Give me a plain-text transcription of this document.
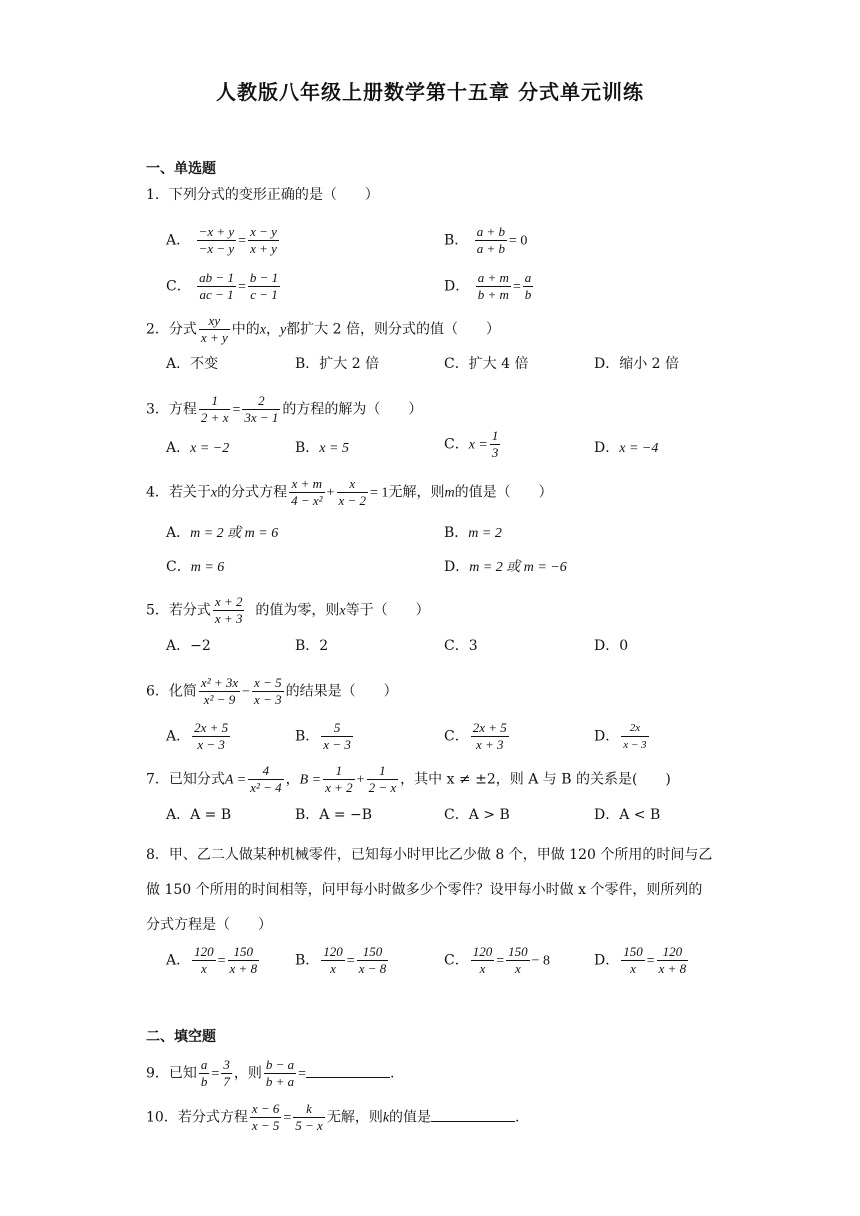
人教版八年级上册数学第十五章 分式单元训练
一、单选题
1．下列分式的变形正确的是（　　）
A． $\frac{-x + y}{-x - y} = \frac{x - y}{x + y}$	B． $\frac{a + b}{a + b} = 0$
C． $\frac{ab - 1}{ac - 1} = \frac{b - 1}{c - 1}$	D． $\frac{a + m}{b + m} = \frac{a}{b}$
2．分式 $\frac{xy}{x + y}$ 中的x，y都扩大 2 倍，则分式的值（　　）
A．不变	B．扩大 2 倍	C．扩大 4 倍	D．缩小 2 倍
3．方程 $\frac{1}{2 + x} = \frac{2}{3x - 1}$ 的方程的解为（　　）
A．x = −2	B．x = 5	C．$x = \frac{1}{3}$	D．x = −4
4．若关于x的分式方程 $\frac{x + m}{\text{4 − x²}} + \frac{x}{x - 2} = 1$无解，则m的值是（　　）
A．m = 2 或 m = 6	B．m = 2
C．m = 6	D．m = 2 或 m = −6
5．若分式 $\frac{x + 2}{x + 3}$ 的值为零，则x等于（　　）
A．−2	B．2	C．3	D．0
6．化简 $\frac{\text{x² + 3x}}{\text{x² − 9}} - \frac{x - 5}{x - 3}$ 的结果是（　　）
A． $\frac{2x + 5}{x - 3}$	B． $\frac{5}{x - 3}$	C． $\frac{2x + 5}{x + 3}$	D． $\frac{2x}{x - 3}$
7．已知分式$A = \frac{4}{\text{x² − 4}}$ ，$B = \frac{1}{x + 2} + \frac{1}{2 - x}$ ，其中 x ≠ ±2，则 A 与 B 的关系是(　　)
A．A = B	B．A = −B	C．A > B	D．A < B
8．甲、乙二人做某种机械零件，已知每小时甲比乙少做 8 个，甲做 120 个所用的时间与乙做 150 个所用的时间相等，问甲每小时做多少个零件？设甲每小时做 x 个零件，则所列的分式方程是（　　）
A． $\frac{120}{x} = \frac{150}{x + 8}$	B． $\frac{120}{x} = \frac{150}{x - 8}$	C． $\frac{120}{x} = \frac{150}{x} - 8$	D． $\frac{150}{x} = \frac{120}{x + 8}$
二、填空题
9．已知 $\frac{a}{b} = \frac{3}{7}$ ，则 $\frac{b - a}{b + a}$ =	.
10．若分式方程 $\frac{x - 6}{x - 5} = \frac{k}{5 - x}$ 无解，则k的值是	.
